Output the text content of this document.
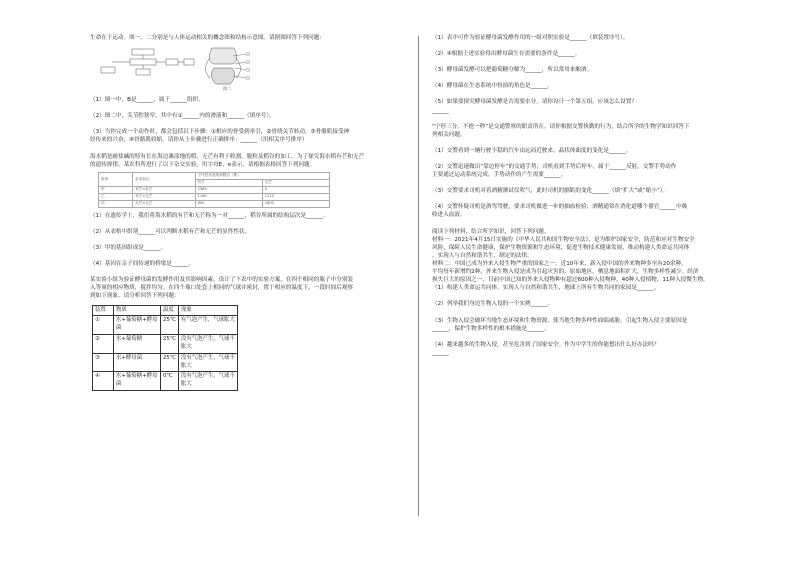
生命在于运动。图一、二分别是与人体运动相关的概念图和结构示意图。请据图回答下列问题：
图二
（1）图一中，B是______，属于______组织。
（2）图二中，关节腔狭窄，其中有①______内的滑液和______（填序号）。
（3）当你完成一个动作时，都会包括以下步骤：①相应的骨受到牵引，②骨绕关节转动，③骨骼肌接受神
经传来的兴奋，④骨骼肌收缩。请你从上步骤进行正确排序：______（用相关序号排序）
海水稻是耐盐碱的特有长在海边滩涂地的稻，无芒有利于收割、脱粒及稻谷的加工。为了探究海水稻有芒和无芒
的遗传规律，某农科所进行了以下杂交实验，用字母E，e表示，请根据表格回答下列问题：
组别	亲本组合	子代性状表现和数目（株）	
		有芒	无芒
甲	有芒×有芒	2365	0
乙	有芒×无芒	1190	1210
丙	无芒×无芒	600	1800
（1）在遗传学上，我们将海水稻的有芒和无芒称为一对______，稻谷所属的结构层次是______。
（2）从表格中组别______可以判断水稻有芒和无芒的显性性状。
（3）甲的基因组成是______。
（4）基因在亲子间传递的桥梁是______。
某实验小组为验证酵母菌的发酵作用及其影响因素，设计了下表中的实验方案，在四个相同的瓶子中分别装
入等量的相应物质，搅拌均匀。在四个瓶口处套上相同的气球并密封，置于相应的温度下，一段时间后观察
到如下现象。请分析回答下列问题：
装置	物质	温度	现象
①	水+葡萄糖+酵母菌	25℃	有气泡产生，气球胀大
②	水+葡萄糖	25℃	没有气泡产生，气球不胀大
③	水+酵母菌	25℃	没有气泡产生，气球不胀大
④	水+葡萄糖+酵母菌	0℃	没有气泡产生，气球不胀大
（1）表中可作为验证酵母菌发酵作用的一组对照实验是______（填装置序号）。
（2）④根据上述实验得出酵母菌生存需要的条件是______。
（3）酵母菌发酵可以把葡萄糖分解为______，所以常用来酿酒。
（4）酵母菌在生态系统中扮演的角色是______。
（5）如果要探究酵母菌发酵是否需要水分，请你设计一个第五组，应该怎么设置？
______
“宁停三分，不抢一秒”是交通警察的职责所在。请你根据交警执勤的行为，结合所学的生物学知识回答下
列相关问题。
（1）交警看到一辆行驶不稳的汽车由远而近驶来，晶状体曲度的变化是______。
（2）交警迅速做出“靠边停车”的交通手势，司机看到手势后停车，属于______反射。交警手势动作
主要通过运动系统完成，手势动作的产生需要______。
（3）交警要求司机对着酒精测试仪吹气，此时司机的膈肌的变化______（填“扩大”或“缩小”）。
（4）交警怀疑司机是酒驾驾驶，要求司机做进一步的抽血检验，酒精通常在消化道哪个器官______中吸
收进入血液。
阅读下列材料，结合所学知识，回答下列问题。
材料一：2021年4月15日实施的《中华人民共和国生物安全法》，是为维护国家安全，防范和应对生物安全
风险，保障人民生命健康，保护生物资源和生态环境，促进生物技术健康发展，推动构建人类命运共同体
，实现人与自然和谐共生，制定的法律。
材料二：中国已成为外来入侵生物严重的国家之一，近10年来，新入侵中国的外来物种多至有20余种，
平均每年新增约2种。外来生物入侵是成为引起灾害的、原始地区，栖息地面积扩大，生物多样性减少。经济
损失巨大的原因之一，目前中国已知的外来入侵物种有超过600种入侵物种，40种入侵植物，11种入侵微生物。
（1）构建人类命运共同体，实现人与自然和谐共生，地球上所有生物共同的家园是______。
（2）列举我们身边生物入侵的一个实例______。
（3）生物入侵会破坏当地生态环境和生物资源，使当地生物多样性面临威胁，引起生物入侵主要原因是
______，保护生物多样性的根本措施是______。
（4）越来越多的生物入侵，甚至危害到了国家安全。作为中学生的你能想出什么好办法吗？
______
